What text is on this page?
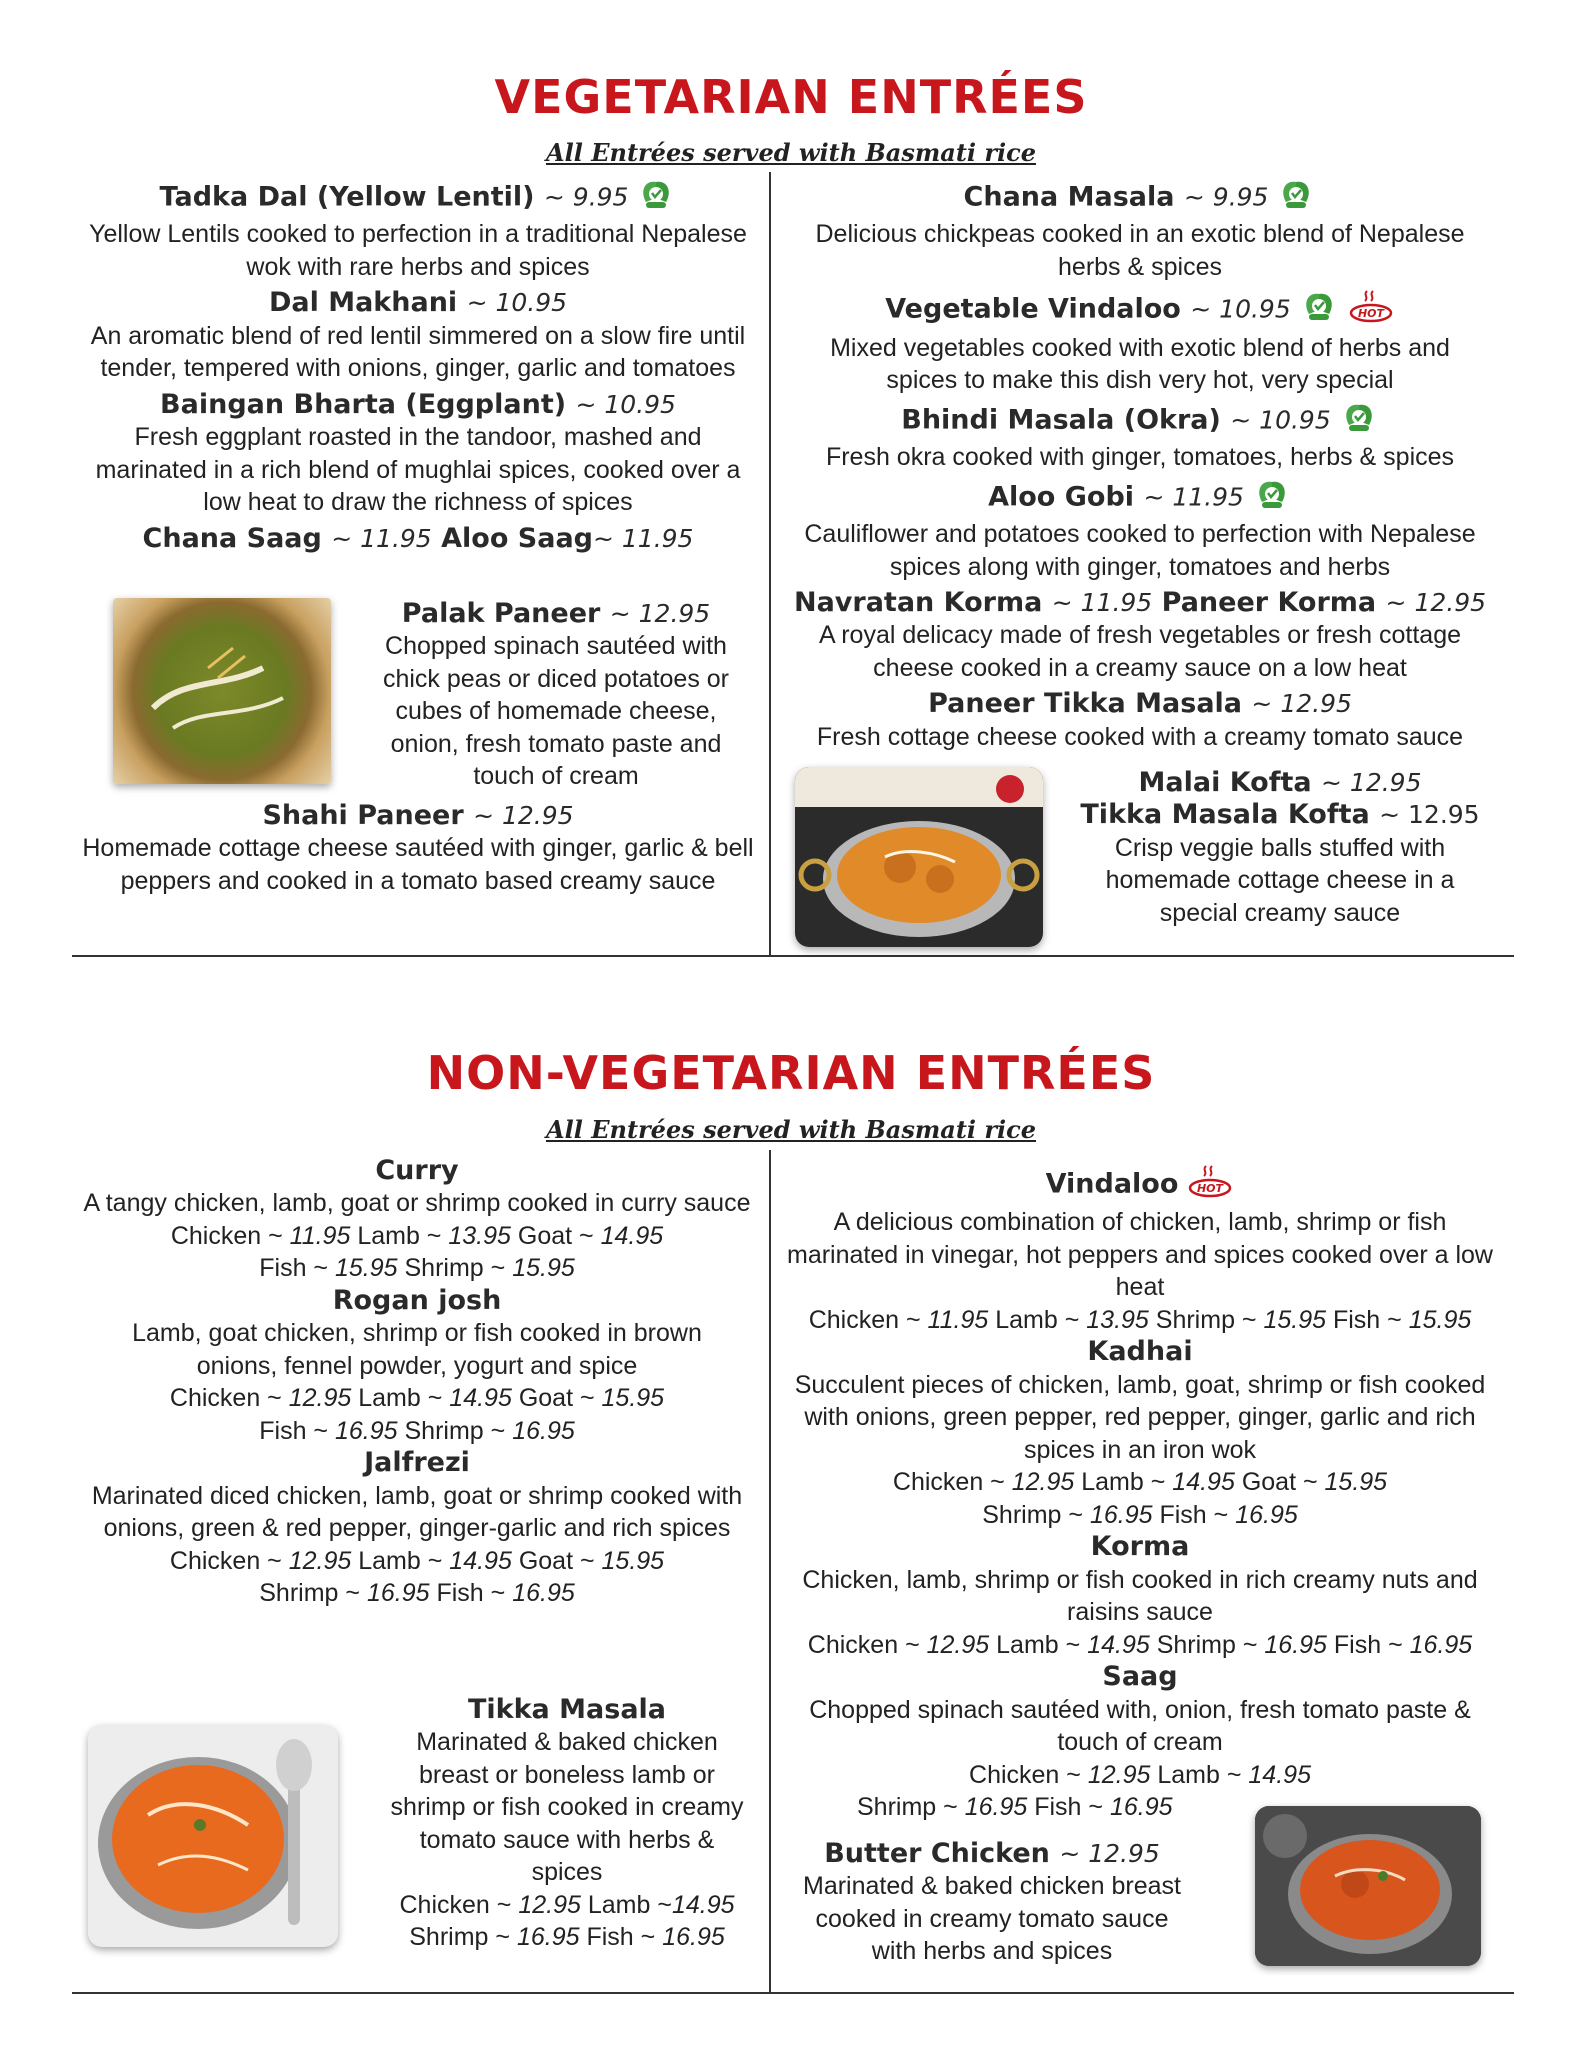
VEGETARIAN ENTRÉES
All Entrées served with Basmati rice
Tadka Dal (Yellow Lentil) ~ 9.95
Yellow Lentils cooked to perfection in a traditional Nepalese wok with rare herbs and spices
Dal Makhani ~ 10.95
An aromatic blend of red lentil simmered on a slow fire until tender, tempered with onions, ginger, garlic and tomatoes
Baingan Bharta (Eggplant) ~ 10.95
Fresh eggplant roasted in the tandoor, mashed and marinated in a rich blend of mughlai spices, cooked over a low heat to draw the richness of spices
Chana Saag ~ 11.95 Aloo Saag~ 11.95
Palak Paneer ~ 12.95
Chopped spinach sautéed with chick peas or diced potatoes or cubes of homemade cheese, onion, fresh tomato paste and touch of cream
Shahi Paneer ~ 12.95
Homemade cottage cheese sautéed with ginger, garlic & bell peppers and cooked in a tomato based creamy sauce
Chana Masala ~ 9.95
Delicious chickpeas cooked in an exotic blend of Nepalese herbs & spices
Vegetable Vindaloo ~ 10.95	HOT
Mixed vegetables cooked with exotic blend of herbs and spices to make this dish very hot, very special
Bhindi Masala (Okra) ~ 10.95
Fresh okra cooked with ginger, tomatoes, herbs & spices
Aloo Gobi ~ 11.95
Cauliflower and potatoes cooked to perfection with Nepalese spices along with ginger, tomatoes and herbs
Navratan Korma ~ 11.95 Paneer Korma ~ 12.95
A royal delicacy made of fresh vegetables or fresh cottage cheese cooked in a creamy sauce on a low heat
Paneer Tikka Masala ~ 12.95
Fresh cottage cheese cooked with a creamy tomato sauce
Malai Kofta ~ 12.95
Tikka Masala Kofta ~ 12.95
Crisp veggie balls stuffed with homemade cottage cheese in a special creamy sauce
NON-VEGETARIAN ENTRÉES
All Entrées served with Basmati rice
Curry
A tangy chicken, lamb, goat or shrimp cooked in curry sauce
Chicken ~ 11.95 Lamb ~ 13.95 Goat ~ 14.95
Fish ~ 15.95 Shrimp ~ 15.95
Rogan josh
Lamb, goat chicken, shrimp or fish cooked in brown onions, fennel powder, yogurt and spice
Chicken ~ 12.95 Lamb ~ 14.95 Goat ~ 15.95
Fish ~ 16.95 Shrimp ~ 16.95
Jalfrezi
Marinated diced chicken, lamb, goat or shrimp cooked with onions, green & red pepper, ginger-garlic and rich spices
Chicken ~ 12.95 Lamb ~ 14.95 Goat ~ 15.95
Shrimp ~ 16.95 Fish ~ 16.95
Tikka Masala
Marinated & baked chicken breast or boneless lamb or shrimp or fish cooked in creamy tomato sauce with herbs & spices
Chicken ~ 12.95 Lamb ~14.95
Shrimp ~ 16.95 Fish ~ 16.95
Vindaloo HOT
A delicious combination of chicken, lamb, shrimp or fish marinated in vinegar, hot peppers and spices cooked over a low heat
Chicken ~ 11.95 Lamb ~ 13.95 Shrimp ~ 15.95 Fish ~ 15.95
Kadhai
Succulent pieces of chicken, lamb, goat, shrimp or fish cooked with onions, green pepper, red pepper, ginger, garlic and rich spices in an iron wok
Chicken ~ 12.95 Lamb ~ 14.95 Goat ~ 15.95
Shrimp ~ 16.95 Fish ~ 16.95
Korma
Chicken, lamb, shrimp or fish cooked in rich creamy nuts and raisins sauce
Chicken ~ 12.95 Lamb ~ 14.95 Shrimp ~ 16.95 Fish ~ 16.95
Saag
Chopped spinach sautéed with, onion, fresh tomato paste & touch of cream
Chicken ~ 12.95 Lamb ~ 14.95
Shrimp ~ 16.95 Fish ~ 16.95
Butter Chicken ~ 12.95
Marinated & baked chicken breast cooked in creamy tomato sauce with herbs and spices
